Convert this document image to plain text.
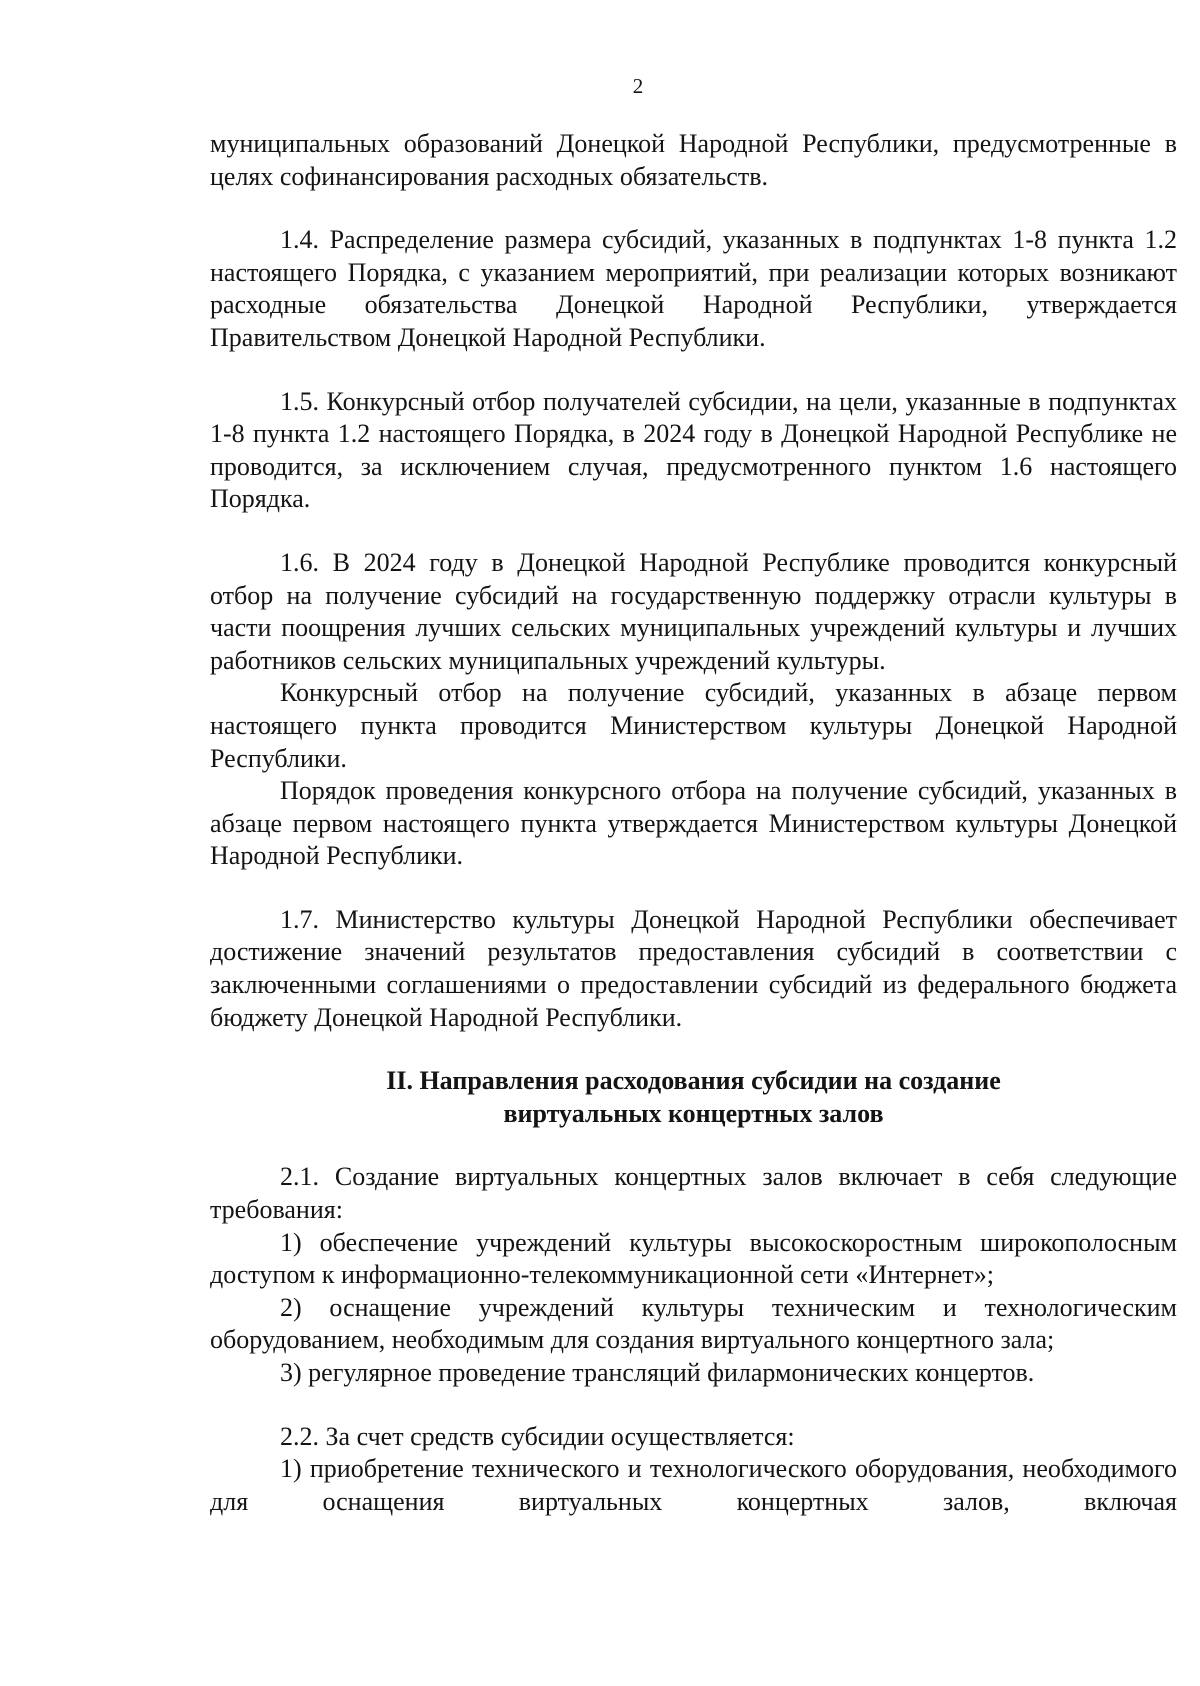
2

муниципальных образований Донецкой Народной Республики, предусмотренные в целях софинансирования расходных обязательств.

1.4. Распределение размера субсидий, указанных в подпунктах 1-8 пункта 1.2 настоящего Порядка, с указанием мероприятий, при реализации которых возникают расходные обязательства Донецкой Народной Республики, утверждается Правительством Донецкой Народной Республики.

1.5. Конкурсный отбор получателей субсидии, на цели, указанные в подпунктах 1-8 пункта 1.2 настоящего Порядка, в 2024 году в Донецкой Народной Республике не проводится, за исключением случая, предусмотренного пунктом 1.6 настоящего Порядка.

1.6. В 2024 году в Донецкой Народной Республике проводится конкурсный отбор на получение субсидий на государственную поддержку отрасли культуры в части поощрения лучших сельских муниципальных учреждений культуры и лучших работников сельских муниципальных учреждений культуры.

Конкурсный отбор на получение субсидий, указанных в абзаце первом настоящего пункта проводится Министерством культуры Донецкой Народной Республики.

Порядок проведения конкурсного отбора на получение субсидий, указанных в абзаце первом настоящего пункта утверждается Министерством культуры Донецкой Народной Республики.

1.7. Министерство культуры Донецкой Народной Республики обеспечивает достижение значений результатов предоставления субсидий в соответствии с заключенными соглашениями о предоставлении субсидий из федерального бюджета бюджету Донецкой Народной Республики.

II. Направления расходования субсидии на создание
виртуальных концертных залов

2.1. Создание виртуальных концертных залов включает в себя следующие требования:

1) обеспечение учреждений культуры высокоскоростным широкополосным доступом к информационно-телекоммуникационной сети «Интернет»;

2) оснащение учреждений культуры техническим и технологическим оборудованием, необходимым для создания виртуального концертного зала;

3) регулярное проведение трансляций филармонических концертов.

2.2. За счет средств субсидии осуществляется:

1) приобретение технического и технологического оборудования, необходимого для оснащения виртуальных концертных залов, включая
